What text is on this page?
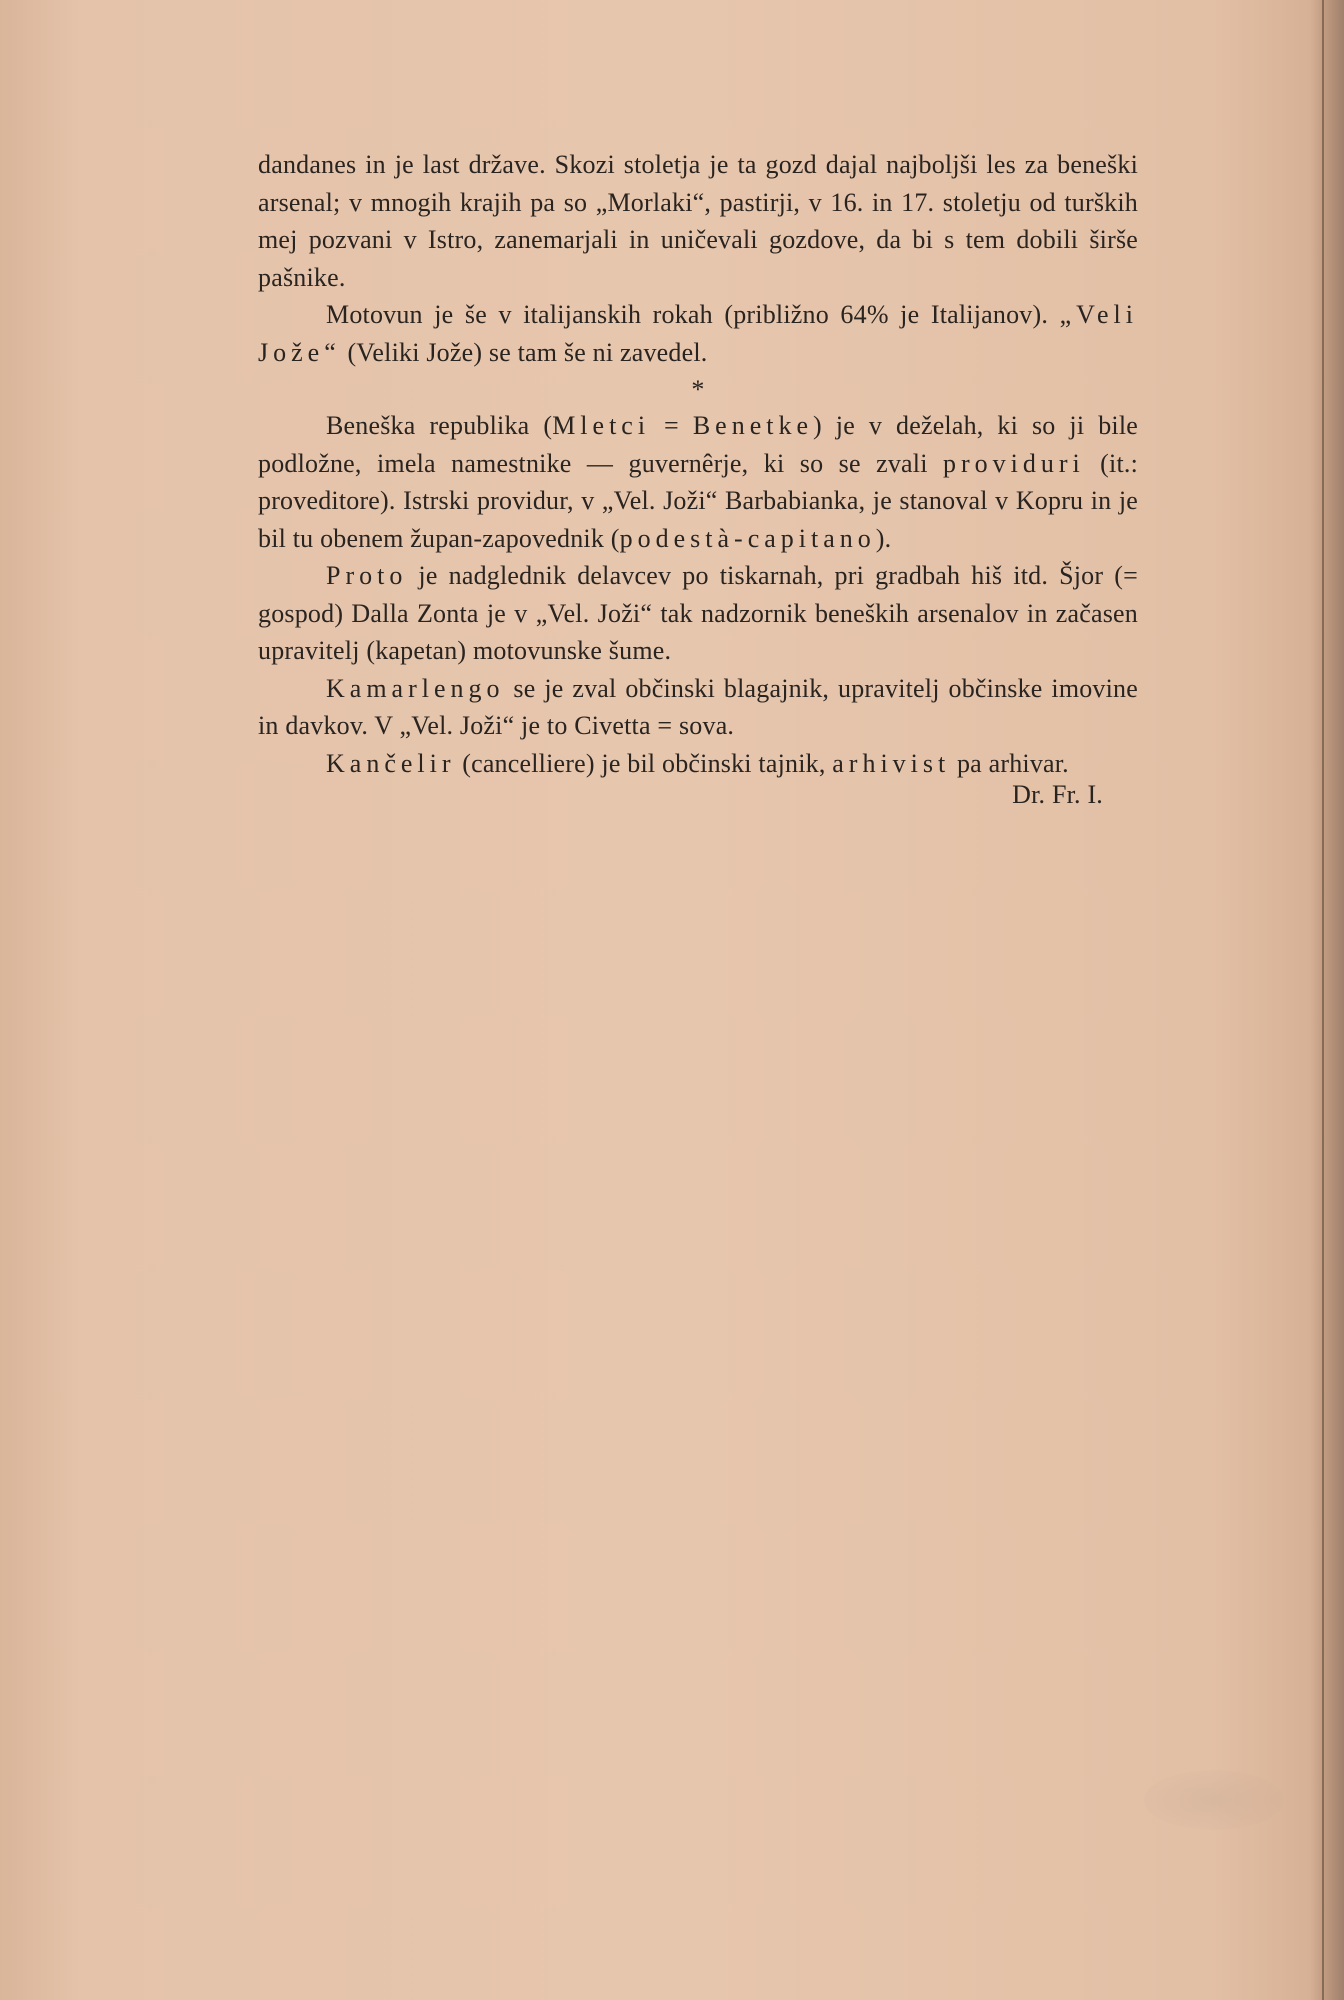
dandanes in je last države. Skozi stoletja je ta gozd dajal najboljši les za beneški arsenal; v mnogih krajih pa so „Morlaki“, pastirji, v 16. in 17. stoletju od turških mej pozvani v Istro, zanemarjali in uničevali gozdove, da bi s tem dobili širše pašnike.

Motovun je še v italijanskih rokah (približno 64% je Italijanov). „Veli Jože“ (Veliki Jože) se tam še ni zavedel.

*

Beneška republika (Mletci = Benetke) je v deželah, ki so ji bile podložne, imela namestnike — guvernêrje, ki so se zvali providuri (it.: proveditore). Istrski providur, v „Vel. Joži“ Barbabianka, je stanoval v Kopru in je bil tu obenem župan-zapovednik (podestà-capitano).

Proto je nadglednik delavcev po tiskarnah, pri gradbah hiš itd. Šjor (= gospod) Dalla Zonta je v „Vel. Joži“ tak nadzornik beneških arsenalov in začasen upravitelj (kapetan) motovunske šume.

Kamarlengo se je zval občinski blagajnik, upravitelj občinske imovine in davkov. V „Vel. Joži“ je to Civetta = sova.

Kančelir (cancelliere) je bil občinski tajnik, arhivist pa arhivar.

Dr. Fr. I.
